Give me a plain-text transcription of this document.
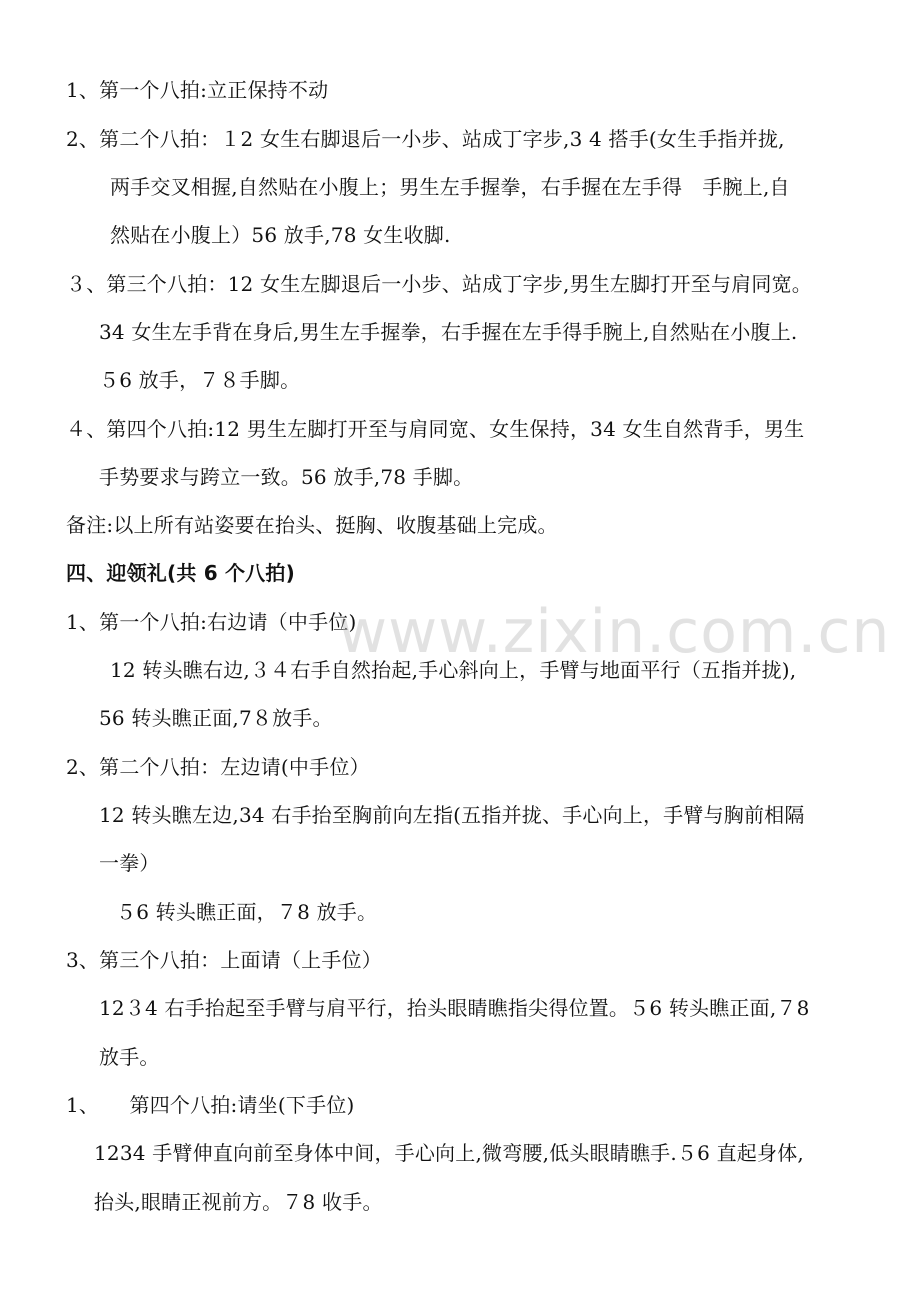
1、第一个八拍:立正保持不动
2、第二个八拍：１2 女生右脚退后一小步、站成丁字步,3 4 搭手(女生手指并拢,
两手交叉相握,自然贴在小腹上；男生左手握拳，右手握在左手得　手腕上,自
然贴在小腹上）56 放手,78 女生收脚.
３、第三个八拍：12 女生左脚退后一小步、站成丁字步,男生左脚打开至与肩同宽。
34 女生左手背在身后,男生左手握拳，右手握在左手得手腕上,自然贴在小腹上.
５6 放手，７８手脚。
４、第四个八拍:12 男生左脚打开至与肩同宽、女生保持，34 女生自然背手，男生
手势要求与跨立一致。56 放手,78 手脚。
备注:以上所有站姿要在抬头、挺胸、收腹基础上完成。
四、迎领礼(共 6 个八拍)
1、第一个八拍:右边请（中手位)
12 转头瞧右边,３４右手自然抬起,手心斜向上，手臂与地面平行（五指并拢),
56 转头瞧正面,7８放手。
2、第二个八拍：左边请(中手位）
12 转头瞧左边,34 右手抬至胸前向左指(五指并拢、手心向上，手臂与胸前相隔
一拳）
５6 转头瞧正面，７8 放手。
3、第三个八拍：上面请（上手位）
12３4 右手抬起至手臂与肩平行，抬头眼睛瞧指尖得位置。５6 转头瞧正面,７8
放手。
1、　　第四个八拍:请坐(下手位)
1234 手臂伸直向前至身体中间，手心向上,微弯腰,低头眼睛瞧手.５6 直起身体,
抬头,眼睛正视前方。７8 收手。
www.zixin.com.cn
